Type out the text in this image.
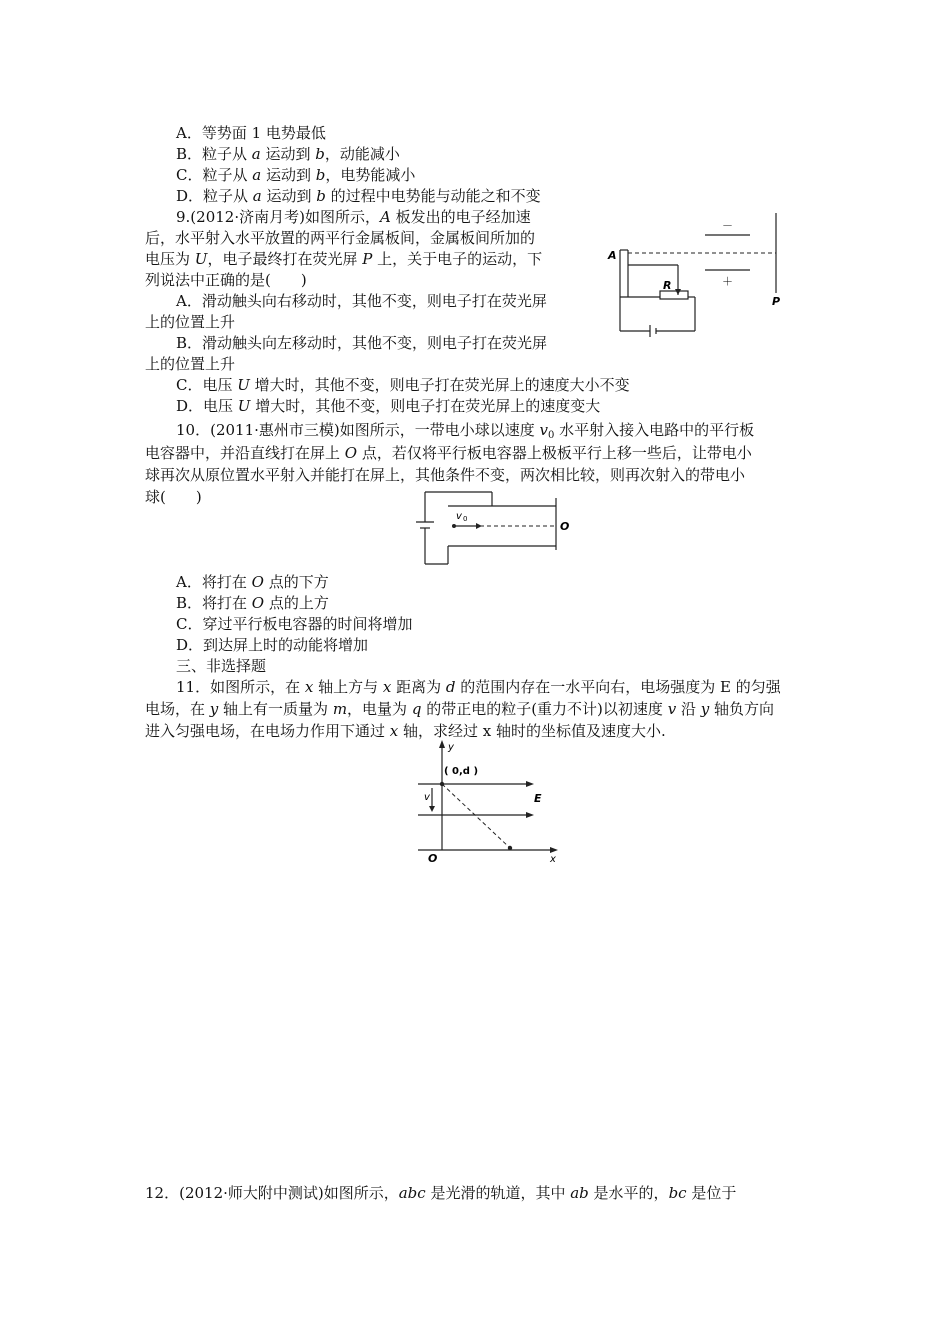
A．等势面 1 电势最低
B．粒子从 a 运动到 b，动能减小
C．粒子从 a 运动到 b，电势能减小
D．粒子从 a 运动到 b 的过程中电势能与动能之和不变
9.(2012·济南月考)如图所示，A 板发出的电子经加速
后，水平射入水平放置的两平行金属板间，金属板间所加的
电压为 U，电子最终打在荧光屏 P 上，关于电子的运动，下
列说法中正确的是(　　)
A．滑动触头向右移动时，其他不变，则电子打在荧光屏
上的位置上升
B．滑动触头向左移动时，其他不变，则电子打在荧光屏
上的位置上升
C．电压 U 增大时，其他不变，则电子打在荧光屏上的速度大小不变
D．电压 U 增大时，其他不变，则电子打在荧光屏上的速度变大
－
＋
A
R
P
10．(2011·惠州市三模)如图所示，一带电小球以速度 $v_0$ 水平射入接入电路中的平行板
电容器中，并沿直线打在屏上 O 点，若仅将平行板电容器上极板平行上移一些后，让带电小
球再次从原位置水平射入并能打在屏上，其他条件不变，两次相比较，则再次射入的带电小
球(　　)
v 0
O
A．将打在 O 点的下方
B．将打在 O 点的上方
C．穿过平行板电容器的时间将增加
D．到达屏上时的动能将增加
三、非选择题
11．如图所示，在 x 轴上方与 x 距离为 d 的范围内存在一水平向右，电场强度为 E 的匀强
电场，在 y 轴上有一质量为 m，电量为 q 的带正电的粒子(重力不计)以初速度 v 沿 y 轴负方向
进入匀强电场，在电场力作用下通过 x 轴，求经过 x 轴时的坐标值及速度大小.
y
( 0,d )
v	E
O	x
12．(2012·师大附中测试)如图所示，abc 是光滑的轨道，其中 ab 是水平的，bc 是位于
